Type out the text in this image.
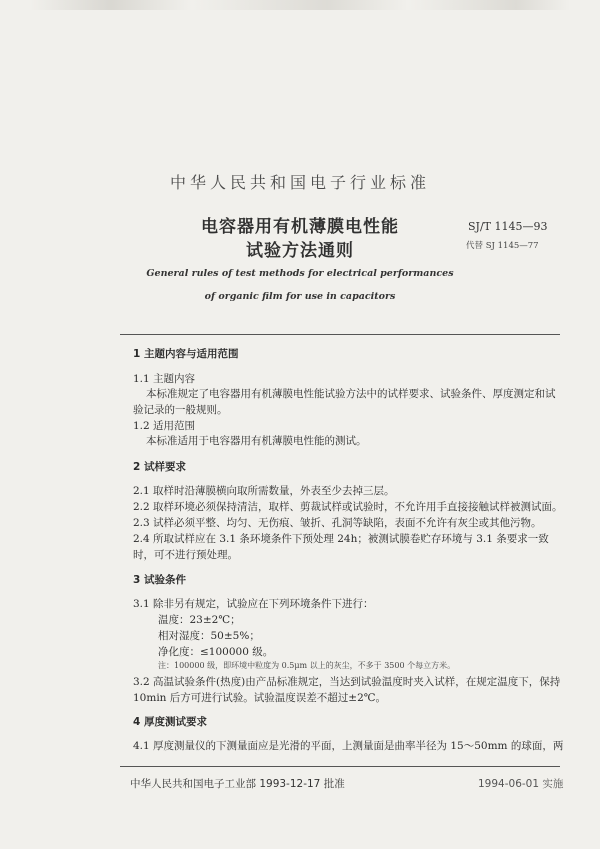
中华人民共和国电子行业标准
电容器用有机薄膜电性能
试验方法通则
SJ/T 1145—93
代替 SJ 1145—77
General rules of test methods for electrical performances
of organic film for use in capacitors
1 主题内容与适用范围
1.1 主题内容
本标准规定了电容器用有机薄膜电性能试验方法中的试样要求、试验条件、厚度测定和试
验记录的一般规则。
1.2 适用范围
本标准适用于电容器用有机薄膜电性能的测试。
2 试样要求
2.1 取样时沿薄膜横向取所需数量，外表至少去掉三层。
2.2 取样环境必须保持清洁，取样、剪裁试样或试验时，不允许用手直接接触试样被测试面。
2.3 试样必须平整、均匀、无伤痕、皱折、孔洞等缺陷，表面不允许有灰尘或其他污物。
2.4 所取试样应在 3.1 条环境条件下预处理 24h；被测试膜卷贮存环境与 3.1 条要求一致
时，可不进行预处理。
3 试验条件
3.1 除非另有规定，试验应在下列环境条件下进行：
温度：23±2℃；
相对湿度：50±5%；
净化度：≤100000 级。
注：100000 级，即环境中粒度为 0.5μm 以上的灰尘，不多于 3500 个每立方米。
3.2 高温试验条件(热度)由产品标准规定，当达到试验温度时夹入试样，在规定温度下，保持
10min 后方可进行试验。试验温度误差不超过±2℃。
4 厚度测试要求
4.1 厚度测量仪的下测量面应是光滑的平面，上测量面是曲率半径为 15～50mm 的球面，两
中华人民共和国电子工业部 1993-12-17 批准	1994-06-01 实施
